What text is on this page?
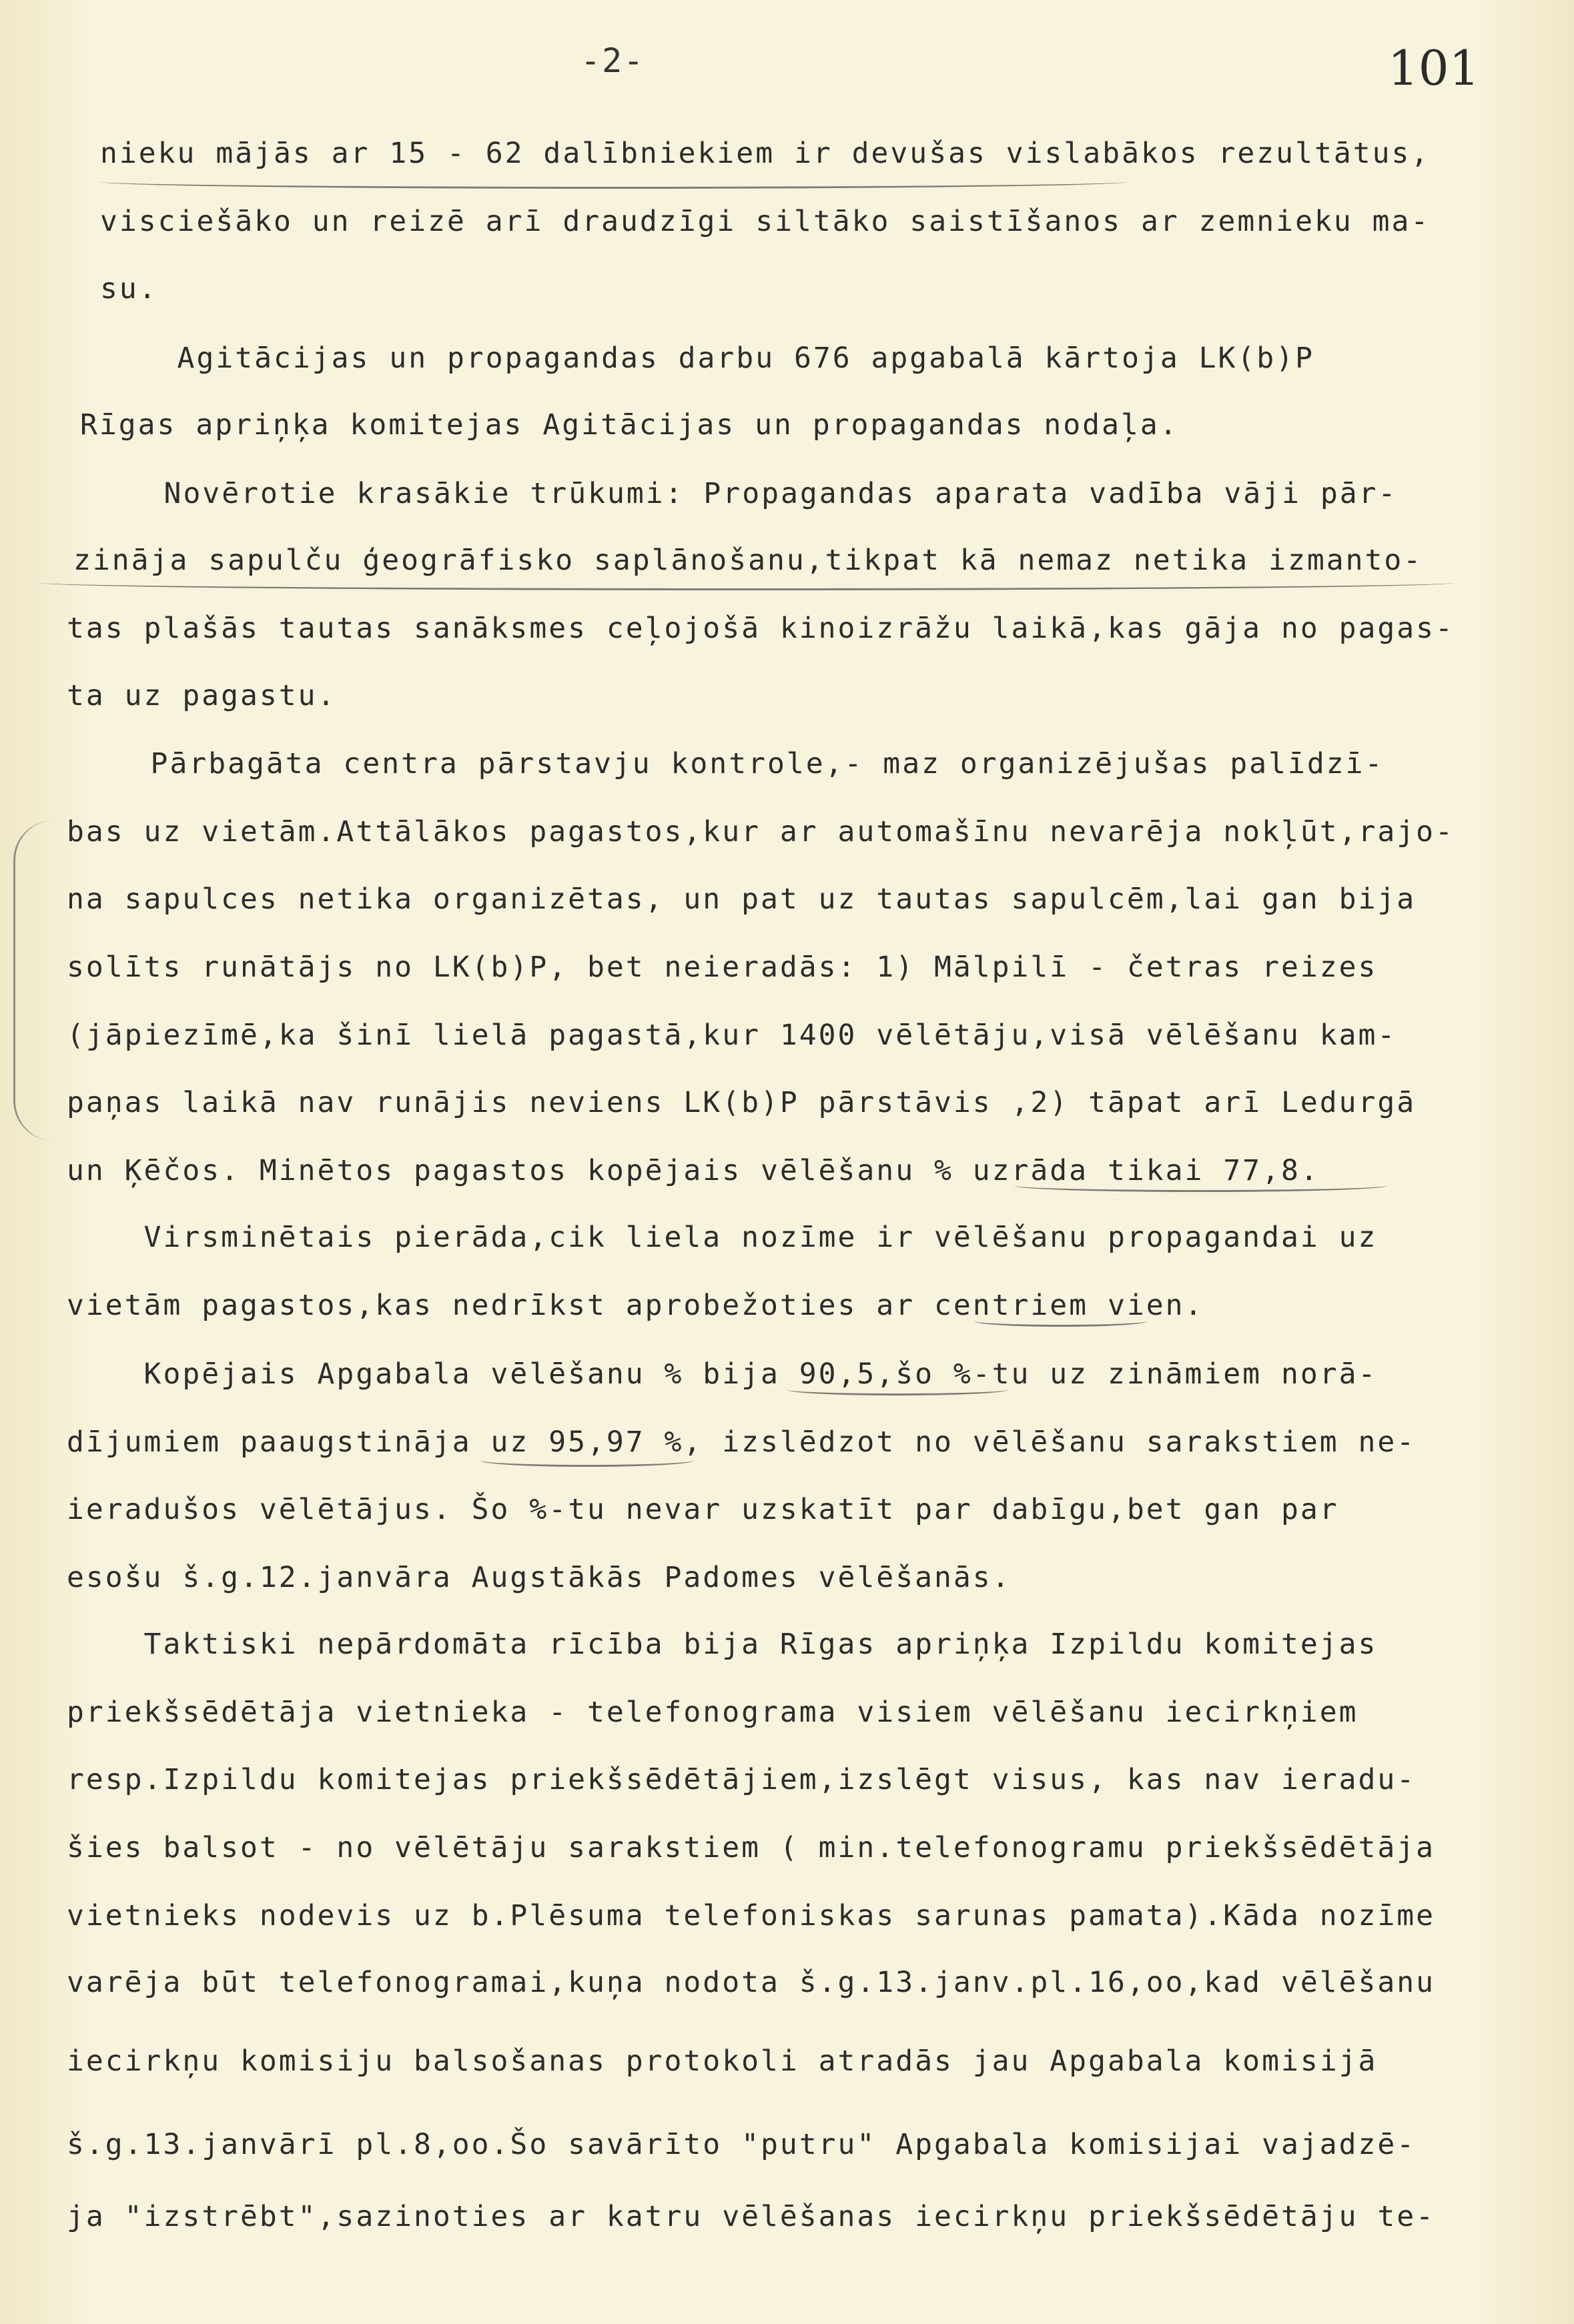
-2-	101

nieku mājās ar 15 - 62 dalībniekiem ir devušas vislabākos rezultātus,

visciešāko un reizē arī draudzīgi siltāko saistīšanos ar zemnieku ma-

su.

Agitācijas un propagandas darbu 676 apgabalā kārtoja LK(b)P

Rīgas apriņķa komitejas Agitācijas un propagandas nodaļa.

Novērotie krasākie trūkumi: Propagandas aparata vadība vāji pār-

zināja sapulču ģeogrāfisko saplānošanu,tikpat kā nemaz netika izmanto-

tas plašās tautas sanāksmes ceļojošā kinoizrāžu laikā,kas gāja no pagas-

ta uz pagastu.

Pārbagāta centra pārstavju kontrole,- maz organizējušas palīdzī-

bas uz vietām.Attālākos pagastos,kur ar automašīnu nevarēja nokļūt,rajo-

na sapulces netika organizētas, un pat uz tautas sapulcēm,lai gan bija

solīts runātājs no LK(b)P, bet neieradās: 1) Mālpilī - četras reizes

(jāpiezīmē,ka šinī lielā pagastā,kur 1400 vēlētāju,visā vēlēšanu kam-

paņas laikā nav runājis neviens LK(b)P pārstāvis ,2) tāpat arī Ledurgā

un Ķēčos. Minētos pagastos kopējais vēlēšanu % uzrāda tikai 77,8.

Virsminētais pierāda,cik liela nozīme ir vēlēšanu propagandai uz

vietām pagastos,kas nedrīkst aprobežoties ar centriem vien.

Kopējais Apgabala vēlēšanu % bija 90,5,šo %-tu uz zināmiem norā-

dījumiem paaugstināja uz 95,97 %, izslēdzot no vēlēšanu sarakstiem ne-

ieradušos vēlētājus. Šo %-tu nevar uzskatīt par dabīgu,bet gan par

esošu š.g.12.janvāra Augstākās Padomes vēlēšanās.

Taktiski nepārdomāta rīcība bija Rīgas apriņķa Izpildu komitejas

priekšsēdētāja vietnieka - telefonograma visiem vēlēšanu iecirkņiem

resp.Izpildu komitejas priekšsēdētājiem,izslēgt visus, kas nav ieradu-

šies balsot - no vēlētāju sarakstiem ( min.telefonogramu priekšsēdētāja

vietnieks nodevis uz b.Plēsuma telefoniskas sarunas pamata).Kāda nozīme

varēja būt telefonogramai,kuņa nodota š.g.13.janv.pl.16,oo,kad vēlēšanu

iecirkņu komisiju balsošanas protokoli atradās jau Apgabala komisijā

š.g.13.janvārī pl.8,oo.Šo savārīto "putru" Apgabala komisijai vajadzē-

ja "izstrēbt",sazinoties ar katru vēlēšanas iecirkņu priekšsēdētāju te-
